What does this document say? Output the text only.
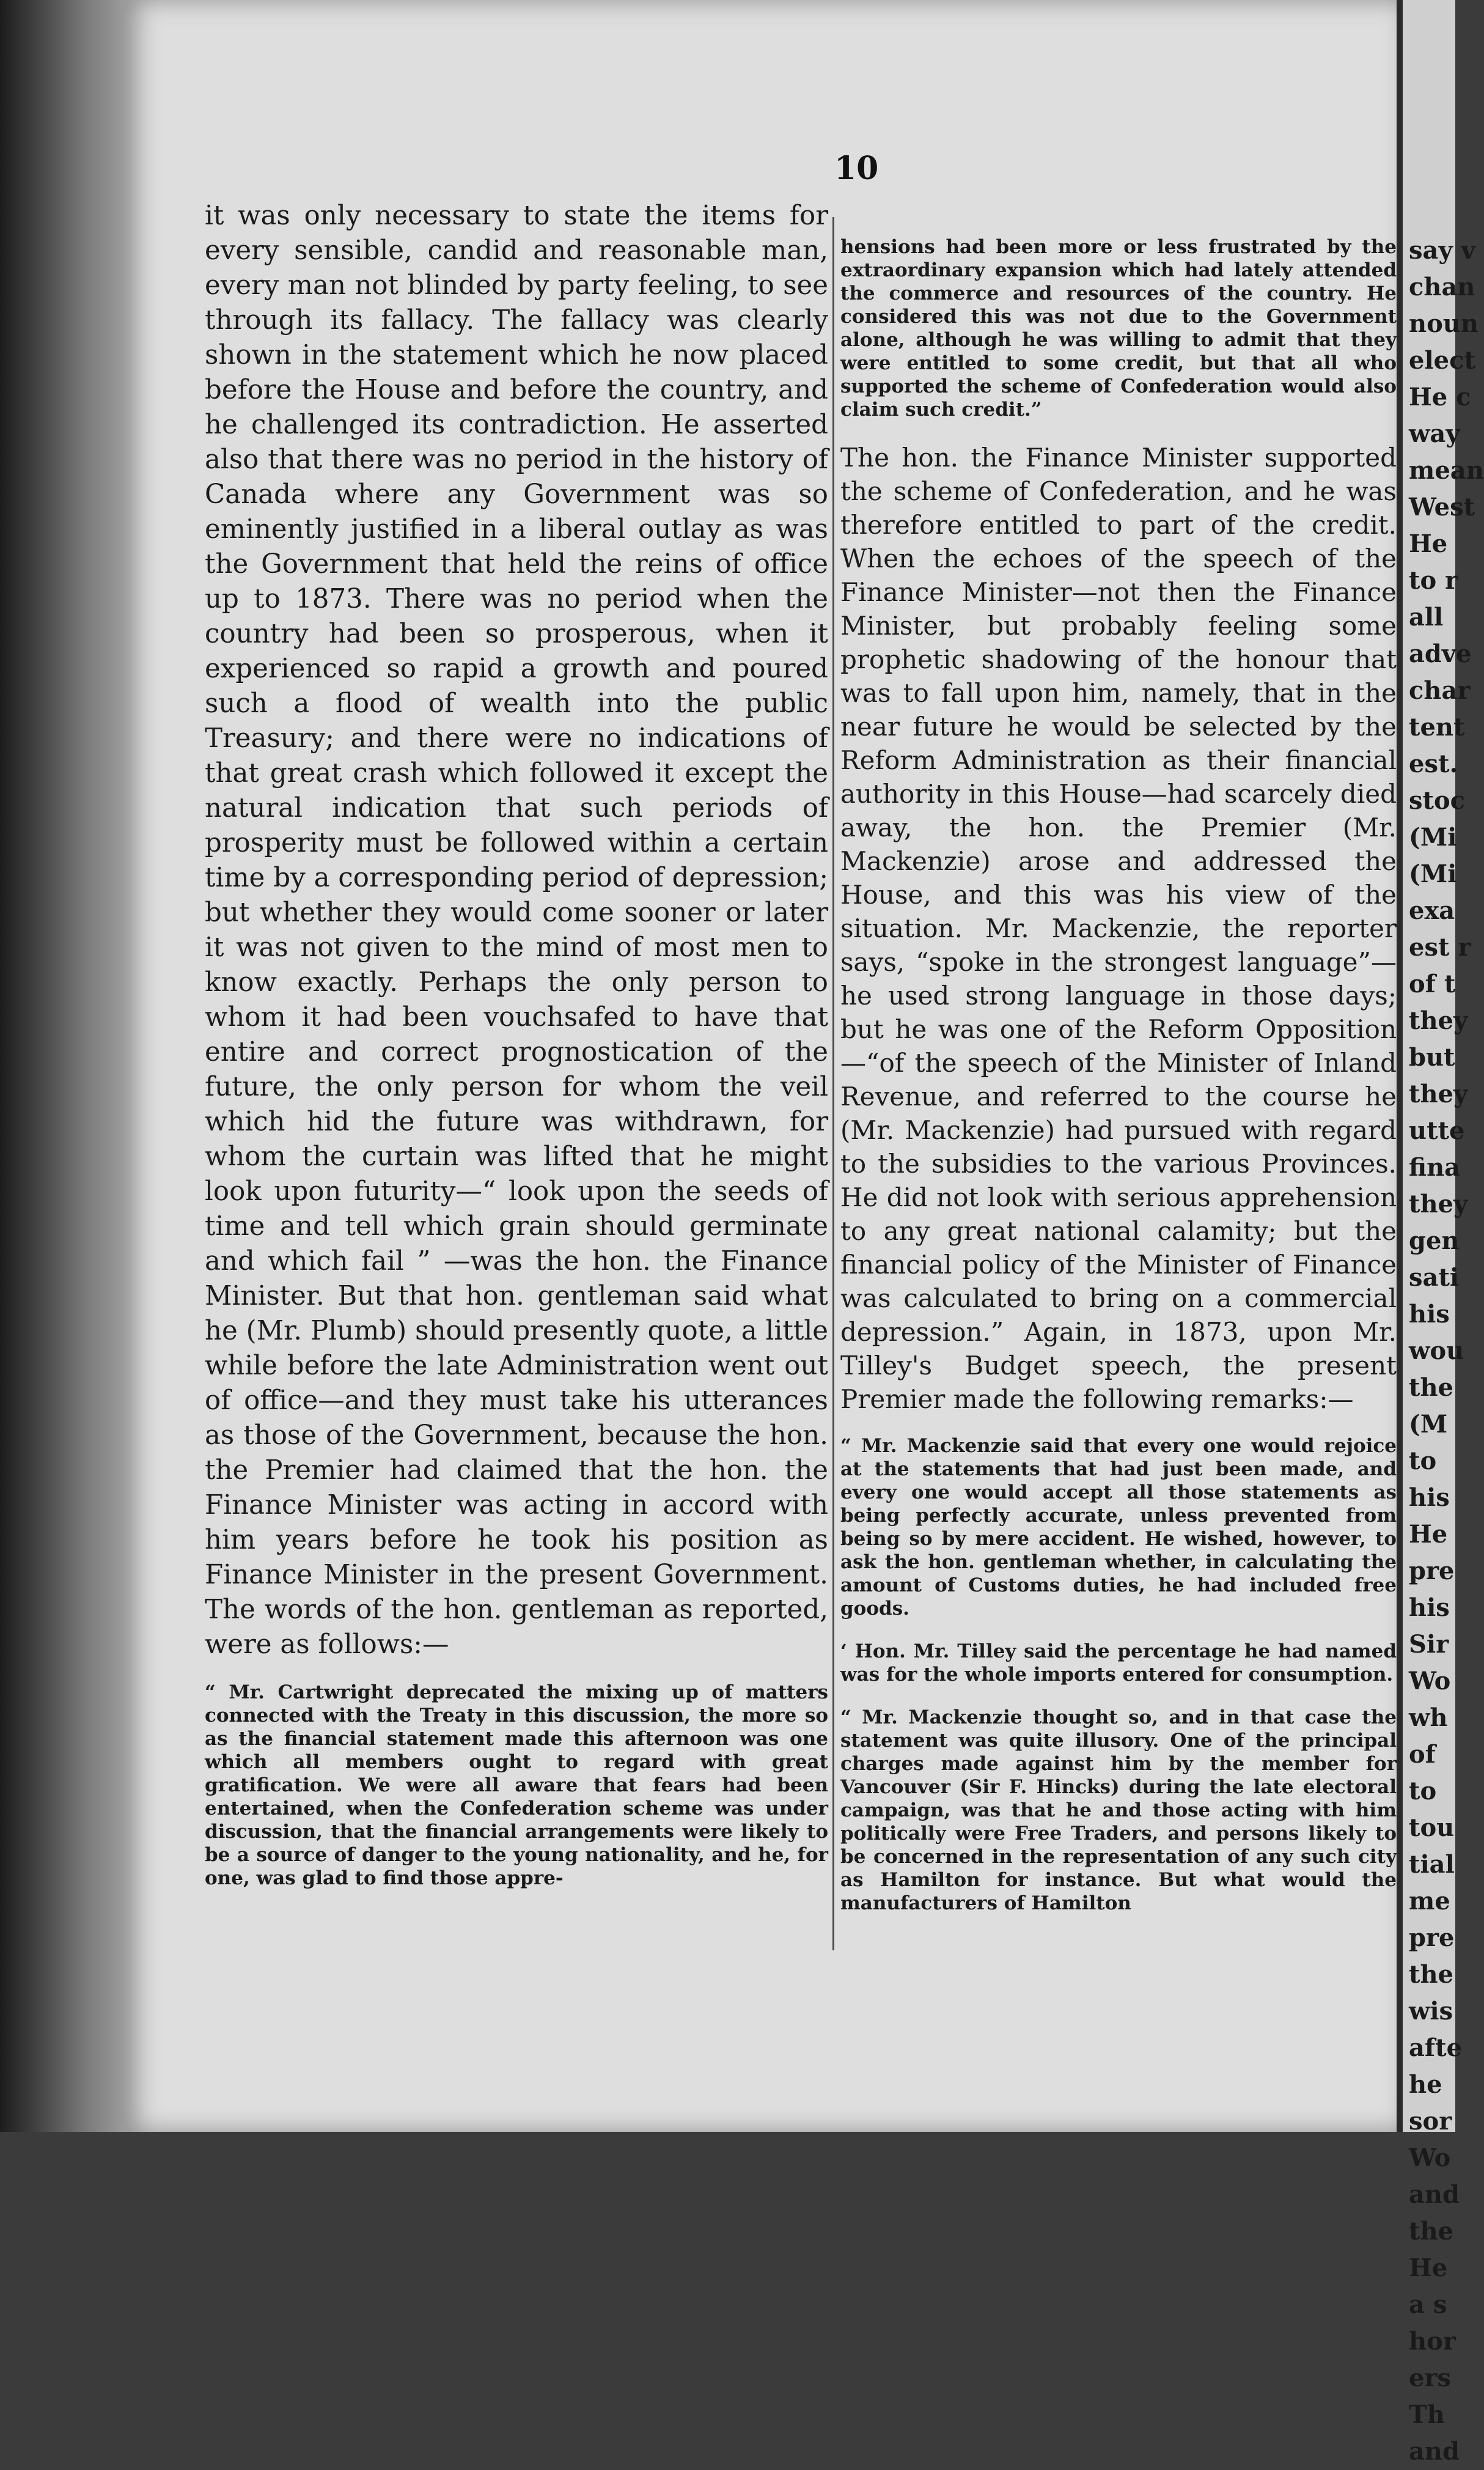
10

it was only necessary to state the items for every sensible, candid and reasonable man, every man not blinded by party feeling, to see through its fallacy. The fallacy was clearly shown in the statement which he now placed before the House and before the country, and he challenged its contradiction. He asserted also that there was no period in the history of Canada where any Government was so eminently justified in a liberal outlay as was the Government that held the reins of office up to 1873. There was no period when the country had been so prosperous, when it experienced so rapid a growth and poured such a flood of wealth into the public Treasury; and there were no indications of that great crash which followed it except the natural indication that such periods of prosperity must be followed within a certain time by a corresponding period of depression; but whether they would come sooner or later it was not given to the mind of most men to know exactly. Perhaps the only person to whom it had been vouchsafed to have that entire and correct prognostication of the future, the only person for whom the veil which hid the future was withdrawn, for whom the curtain was lifted that he might look upon futurity—“ look upon the seeds of time and tell which grain should germinate and which fail ” —was the hon. the Finance Minister. But that hon. gentleman said what he (Mr. Plumb) should presently quote, a little while before the late Administration went out of office—and they must take his utterances as those of the Government, because the hon. the Premier had claimed that the hon. the Finance Minister was acting in accord with him years before he took his position as Finance Minister in the present Government. The words of the hon. gentleman as reported, were as follows:—

“ Mr. Cartwright deprecated the mixing up of matters connected with the Treaty in this discussion, the more so as the financial statement made this afternoon was one which all members ought to regard with great gratification. We were all aware that fears had been entertained, when the Confederation scheme was under discussion, that the financial arrangements were likely to be a source of danger to the young nationality, and he, for one, was glad to find those appre-

hensions had been more or less frustrated by the extraordinary expansion which had lately attended the commerce and resources of the country. He considered this was not due to the Government alone, although he was willing to admit that they were entitled to some credit, but that all who supported the scheme of Confederation would also claim such credit.”

The hon. the Finance Minister supported the scheme of Confederation, and he was therefore entitled to part of the credit. When the echoes of the speech of the Finance Minister—not then the Finance Minister, but probably feeling some prophetic shadowing of the honour that was to fall upon him, namely, that in the near future he would be selected by the Reform Administration as their financial authority in this House—had scarcely died away, the hon. the Premier (Mr. Mackenzie) arose and addressed the House, and this was his view of the situation. Mr. Mackenzie, the reporter says, “spoke in the strongest language”—he used strong language in those days; but he was one of the Reform Opposition—“of the speech of the Minister of Inland Revenue, and referred to the course he (Mr. Mackenzie) had pursued with regard to the subsidies to the various Provinces. He did not look with serious apprehension to any great national calamity; but the financial policy of the Minister of Finance was calculated to bring on a commercial depression.” Again, in 1873, upon Mr. Tilley's Budget speech, the present Premier made the following remarks:—

“ Mr. Mackenzie said that every one would rejoice at the statements that had just been made, and every one would accept all those statements as being perfectly accurate, unless prevented from being so by mere accident. He wished, however, to ask the hon. gentleman whether, in calculating the amount of Customs duties, he had included free goods.

‘ Hon. Mr. Tilley said the percentage he had named was for the whole imports entered for consumption.

“ Mr. Mackenzie thought so, and in that case the statement was quite illusory. One of the principal charges made against him by the member for Vancouver (Sir F. Hincks) during the late electoral campaign, was that he and those acting with him politically were Free Traders, and persons likely to be concerned in the representation of any such city as Hamilton for instance. But what would the manufacturers of Hamilton

say v
chan
noun
elect
He c
way
mean
West
He
to r
all
adve
char
tent
est.
stoc
(Mi
(Mi
exa
est r
of t
they
but
they
utte
fina
they
gen
sati
his
wou
the
(M
to
his
He
pre
his
Sir
Wo
wh
of
to
tou
tial
me
pre
the
wis
afte
he
sor
Wo
and
the
He
a s
hor
ers
Th
and
